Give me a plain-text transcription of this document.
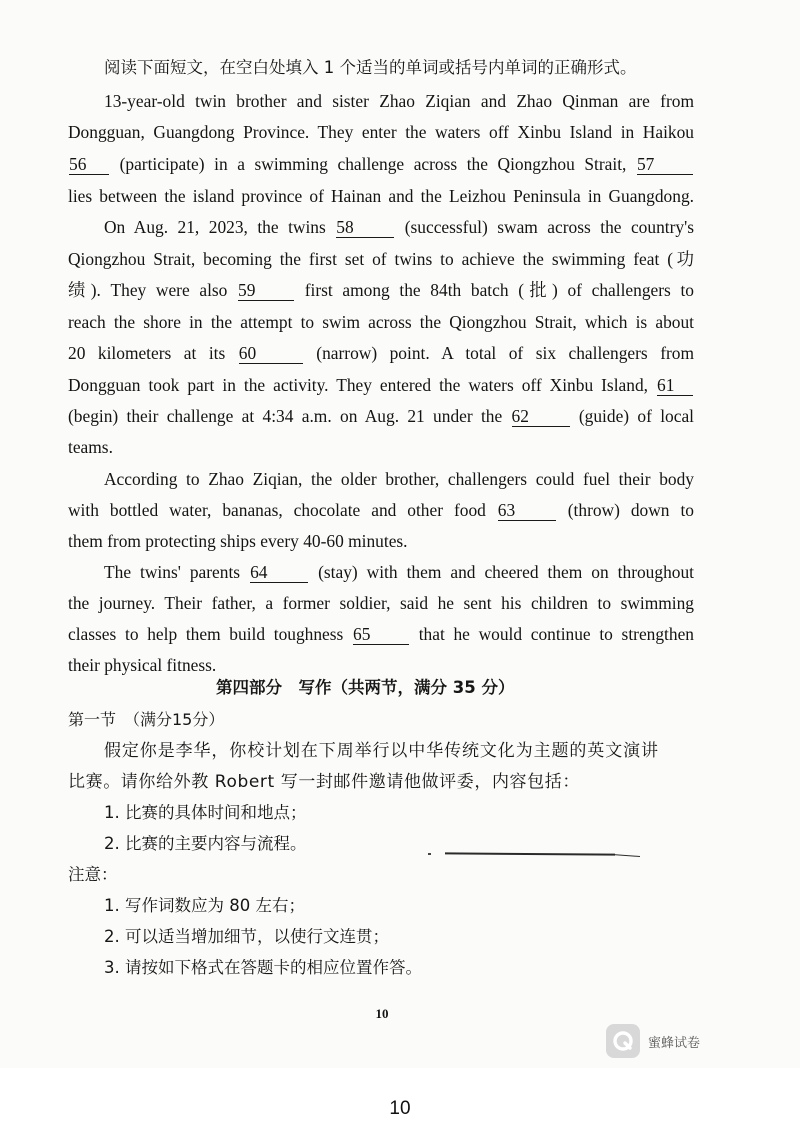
阅读下面短文，在空白处填入 1 个适当的单词或括号内单词的正确形式。
13-year-old twin brother and sister Zhao Ziqian and Zhao Qinman are from
Dongguan, Guangdong Province. They enter the waters off Xinbu Island in Haikou
56 (participate) in a swimming challenge across the Qiongzhou Strait, 57
lies between the island province of Hainan and the Leizhou Peninsula in Guangdong.
On Aug. 21, 2023, the twins 58	(successful) swam across the country's
Qiongzhou Strait, becoming the first set of twins to achieve the swimming feat (功
绩). They were also 59	first among the 84th batch (批) of challengers to
reach the shore in the attempt to swim across the Qiongzhou Strait, which is about
20 kilometers at its 60	(narrow) point. A total of six challengers from
Dongguan took part in the activity. They entered the waters off Xinbu Island, 61
(begin) their challenge at 4:34 a.m. on Aug. 21 under the 62	(guide) of local
teams.
According to Zhao Ziqian, the older brother, challengers could fuel their body
with bottled water, bananas, chocolate and other food 63	(throw) down to
them from protecting ships every 40-60 minutes.
The twins' parents 64	(stay) with them and cheered them on throughout
the journey. Their father, a former soldier, said he sent his children to swimming
classes to help them build toughness 65	that he would continue to strengthen
their physical fitness.
第四部分　写作（共两节，满分 35 分）
第一节　（满分15分）
假定你是李华，你校计划在下周举行以中华传统文化为主题的英文演讲
比赛。请你给外教 Robert 写一封邮件邀请他做评委，内容包括：
1. 比赛的具体时间和地点；
2. 比赛的主要内容与流程。
注意：
1. 写作词数应为 80 左右；
2. 可以适当增加细节，以使行文连贯；
3. 请按如下格式在答题卡的相应位置作答。
10
蜜蜂试卷
10
